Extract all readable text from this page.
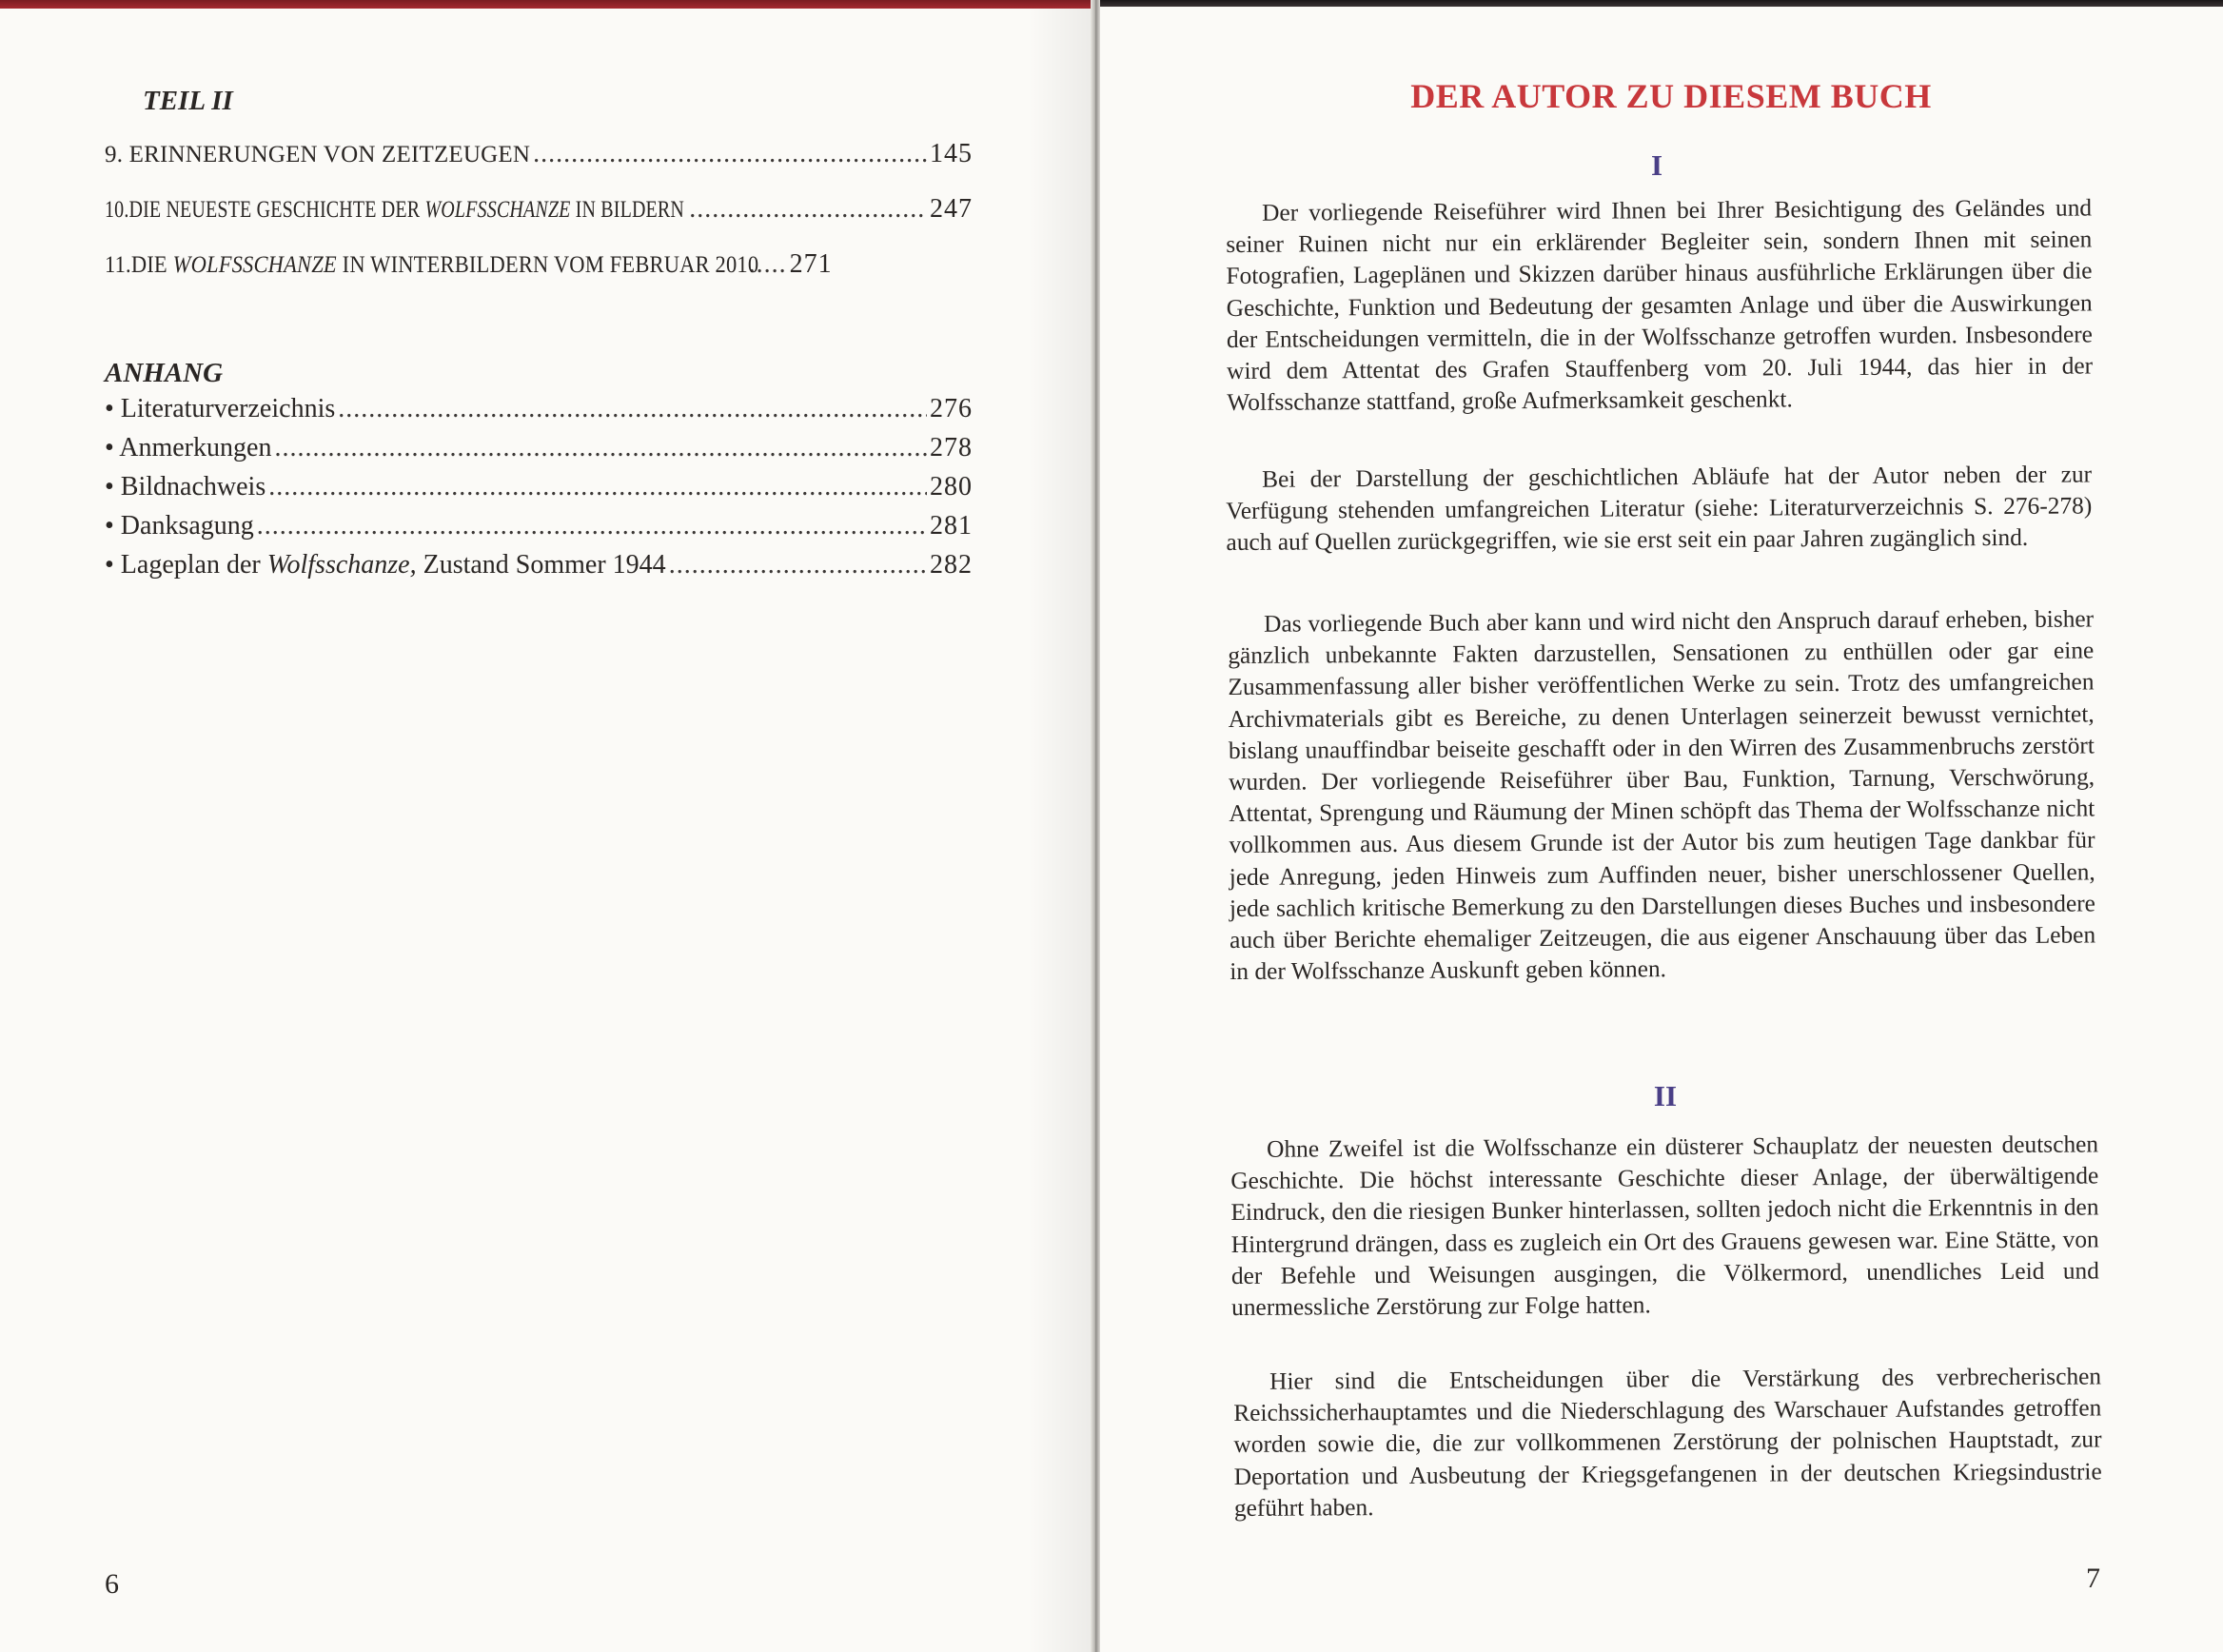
TEIL II
9. ERINNERUNGEN VON ZEITZEUGEN .....	145
10.DIE NEUESTE GESCHICHTE DER WOLFSSCHANZE IN BILDERN .....	247
11.DIE WOLFSSCHANZE IN WINTERBILDERN VOM FEBRUAR 2010 ..... 271
ANHANG
• Literaturverzeichnis .....	276
• Anmerkungen .....	278
• Bildnachweis .....	280
• Danksagung .....	281
• Lageplan der Wolfsschanze, Zustand Sommer 1944 .....	282
6
DER AUTOR ZU DIESEM BUCH
I

Der vorliegende Reiseführer wird Ihnen bei Ihrer Besichtigung des Geländes und seiner Ruinen nicht nur ein erklärender Begleiter sein, sondern Ihnen mit seinen Fotografien, Lageplänen und Skizzen darüber hinaus ausführliche Erklärungen über die Geschichte, Funktion und Bedeutung der gesamten Anlage und über die Auswirkungen der Entscheidungen vermitteln, die in der Wolfsschanze getroffen wurden. Insbesondere wird dem Attentat des Grafen Stauffenberg vom 20. Juli 1944, das hier in der Wolfsschanze stattfand, große Aufmerksamkeit geschenkt.

Bei der Darstellung der geschichtlichen Abläufe hat der Autor neben der zur Verfügung stehenden umfangreichen Literatur (siehe: Literaturverzeichnis S. 276-278) auch auf Quellen zurückgegriffen, wie sie erst seit ein paar Jahren zugänglich sind.

Das vorliegende Buch aber kann und wird nicht den Anspruch darauf erheben, bisher gänzlich unbekannte Fakten darzustellen, Sensationen zu enthüllen oder gar eine Zusammenfassung aller bisher veröffentlichen Werke zu sein. Trotz des umfangreichen Archivmaterials gibt es Bereiche, zu denen Unterlagen seinerzeit bewusst vernichtet, bislang unauffindbar beiseite geschafft oder in den Wirren des Zusammenbruchs zerstört wurden. Der vorliegende Reiseführer über Bau, Funktion, Tarnung, Verschwörung, Attentat, Sprengung und Räumung der Minen schöpft das Thema der Wolfsschanze nicht vollkommen aus. Aus diesem Grunde ist der Autor bis zum heutigen Tage dankbar für jede Anregung, jeden Hinweis zum Auffinden neuer, bisher unerschlossener Quellen, jede sachlich kritische Bemerkung zu den Darstellungen dieses Buches und insbesondere auch über Berichte ehemaliger Zeitzeugen, die aus eigener Anschauung über das Leben in der Wolfsschanze Auskunft geben können.

II

Ohne Zweifel ist die Wolfsschanze ein düsterer Schauplatz der neuesten deutschen Geschichte. Die höchst interessante Geschichte dieser Anlage, der überwältigende Eindruck, den die riesigen Bunker hinterlassen, sollten jedoch nicht die Erkenntnis in den Hintergrund drängen, dass es zugleich ein Ort des Grauens gewesen war. Eine Stätte, von der Befehle und Weisungen ausgingen, die Völkermord, unendliches Leid und unermessliche Zerstörung zur Folge hatten.

Hier sind die Entscheidungen über die Verstärkung des verbrecherischen Reichssicherhauptamtes und die Niederschlagung des Warschauer Aufstandes getroffen worden sowie die, die zur vollkommenen Zerstörung der polnischen Hauptstadt, zur Deportation und Ausbeutung der Kriegsgefangenen in der deutschen Kriegsindustrie geführt haben.

7
